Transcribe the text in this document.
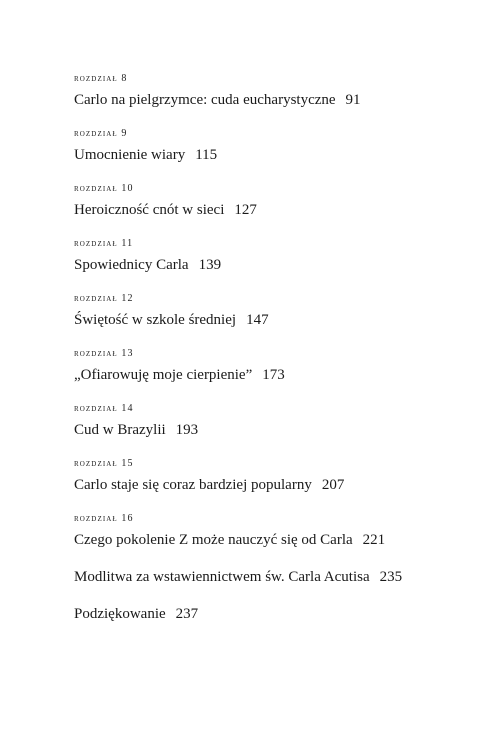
rozdział 8
Carlo na pielgrzymce: cuda eucharystyczne 91
rozdział 9
Umocnienie wiary 115
rozdział 10
Heroiczność cnót w sieci 127
rozdział 11
Spowiednicy Carla 139
rozdział 12
Świętość w szkole średniej 147
rozdział 13
„Ofiarowuję moje cierpienie” 173
rozdział 14
Cud w Brazylii 193
rozdział 15
Carlo staje się coraz bardziej popularny 207
rozdział 16
Czego pokolenie Z może nauczyć się od Carla 221
Modlitwa za wstawiennictwem św. Carla Acutisa 235
Podziękowanie 237
